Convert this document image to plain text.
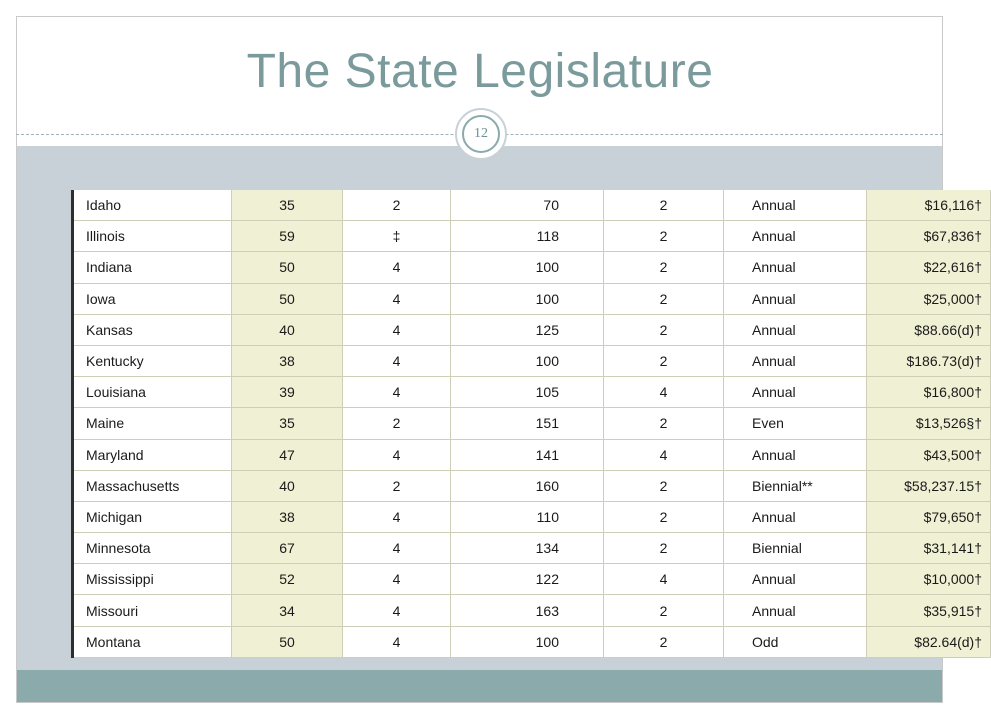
The State Legislature
12
Idaho	35	2	70	2	Annual	$16,116†
Illinois	59	‡	118	2	Annual	$67,836†
Indiana	50	4	100	2	Annual	$22,616†
Iowa	50	4	100	2	Annual	$25,000†
Kansas	40	4	125	2	Annual	$88.66(d)†
Kentucky	38	4	100	2	Annual	$186.73(d)†
Louisiana	39	4	105	4	Annual	$16,800†
Maine	35	2	151	2	Even	$13,526§†
Maryland	47	4	141	4	Annual	$43,500†
Massachusetts	40	2	160	2	Biennial**	$58,237.15†
Michigan	38	4	110	2	Annual	$79,650†
Minnesota	67	4	134	2	Biennial	$31,141†
Mississippi	52	4	122	4	Annual	$10,000†
Missouri	34	4	163	2	Annual	$35,915†
Montana	50	4	100	2	Odd	$82.64(d)†
